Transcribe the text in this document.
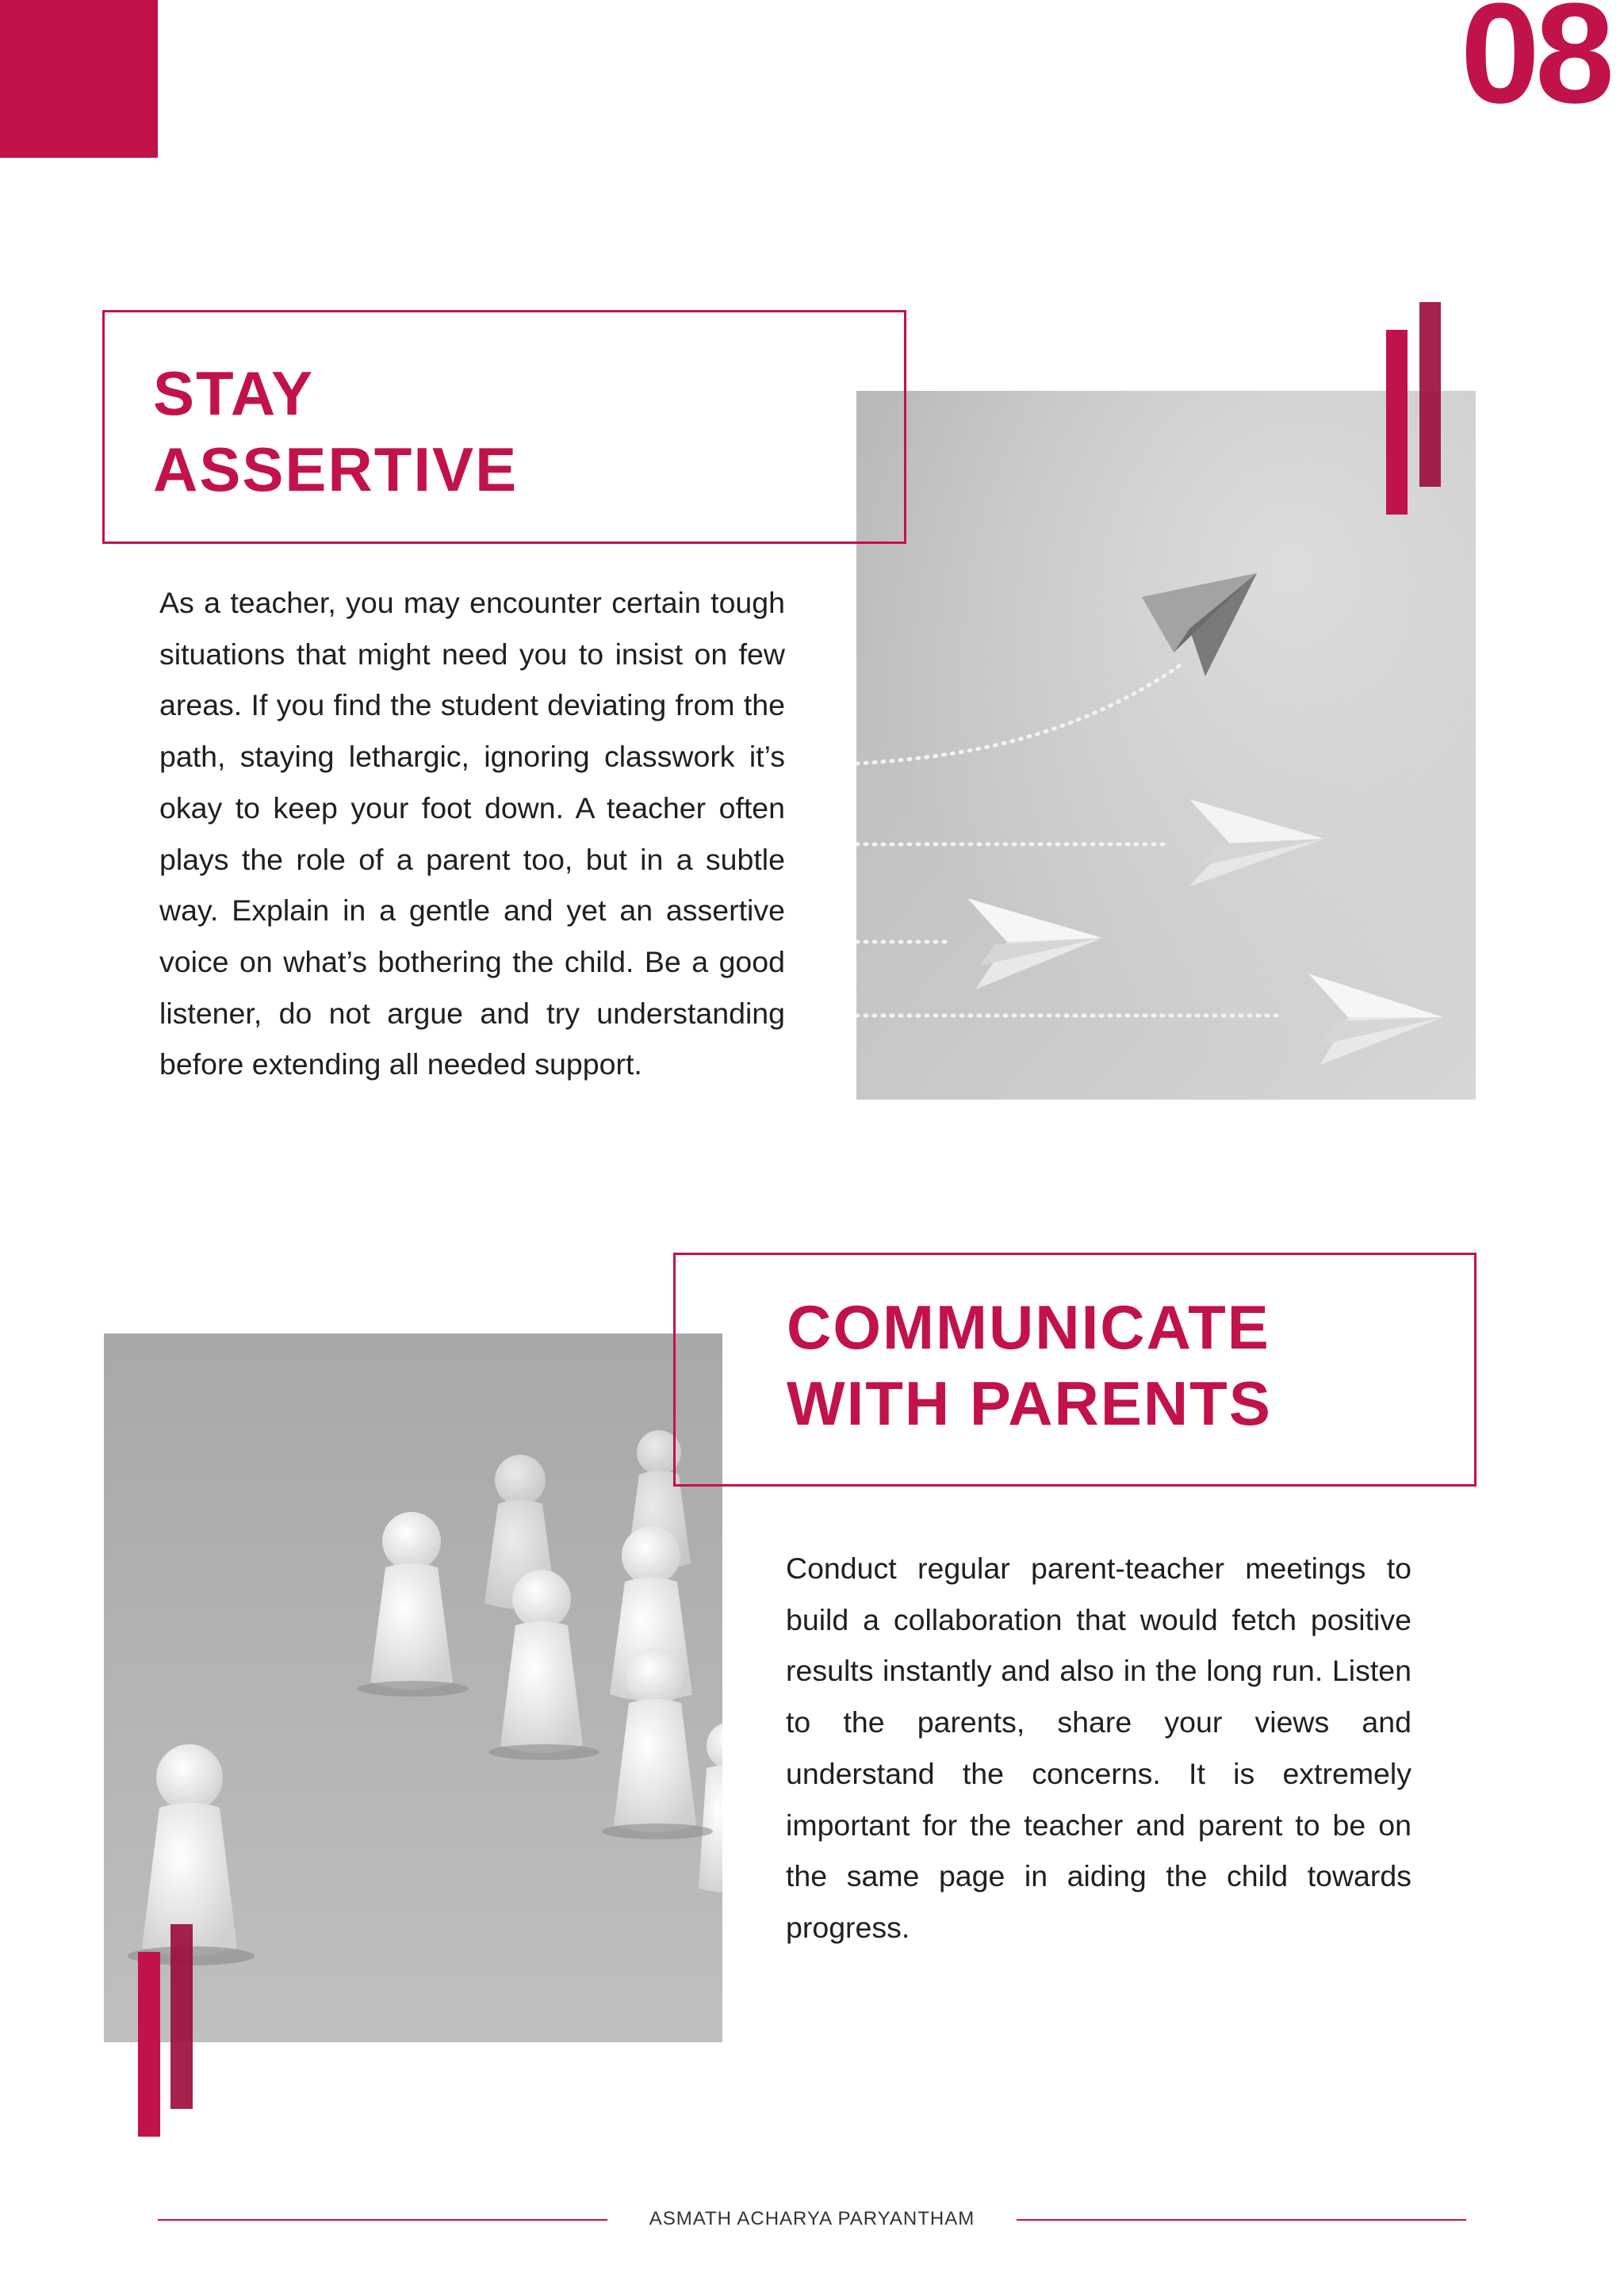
08

STAY

ASSERTIVE

As a teacher, you may encounter certain tough situations that might need you to insist on few areas. If you find the student deviating from the path, staying lethargic, ignoring classwork it’s okay to keep your foot down. A teacher often plays the role of a parent too, but in a subtle way. Explain in a gentle and yet an assertive voice on what’s bothering the child. Be a good listener, do not argue and try understanding before extending all needed support.

COMMUNICATE

WITH PARENTS

Conduct regular parent-teacher meetings to build a collaboration that would fetch positive results instantly and also in the long run. Listen to the parents, share your views and understand the concerns. It is extremely important for the teacher and parent to be on the same page in aiding the child towards progress.

ASMATH ACHARYA PARYANTHAM
